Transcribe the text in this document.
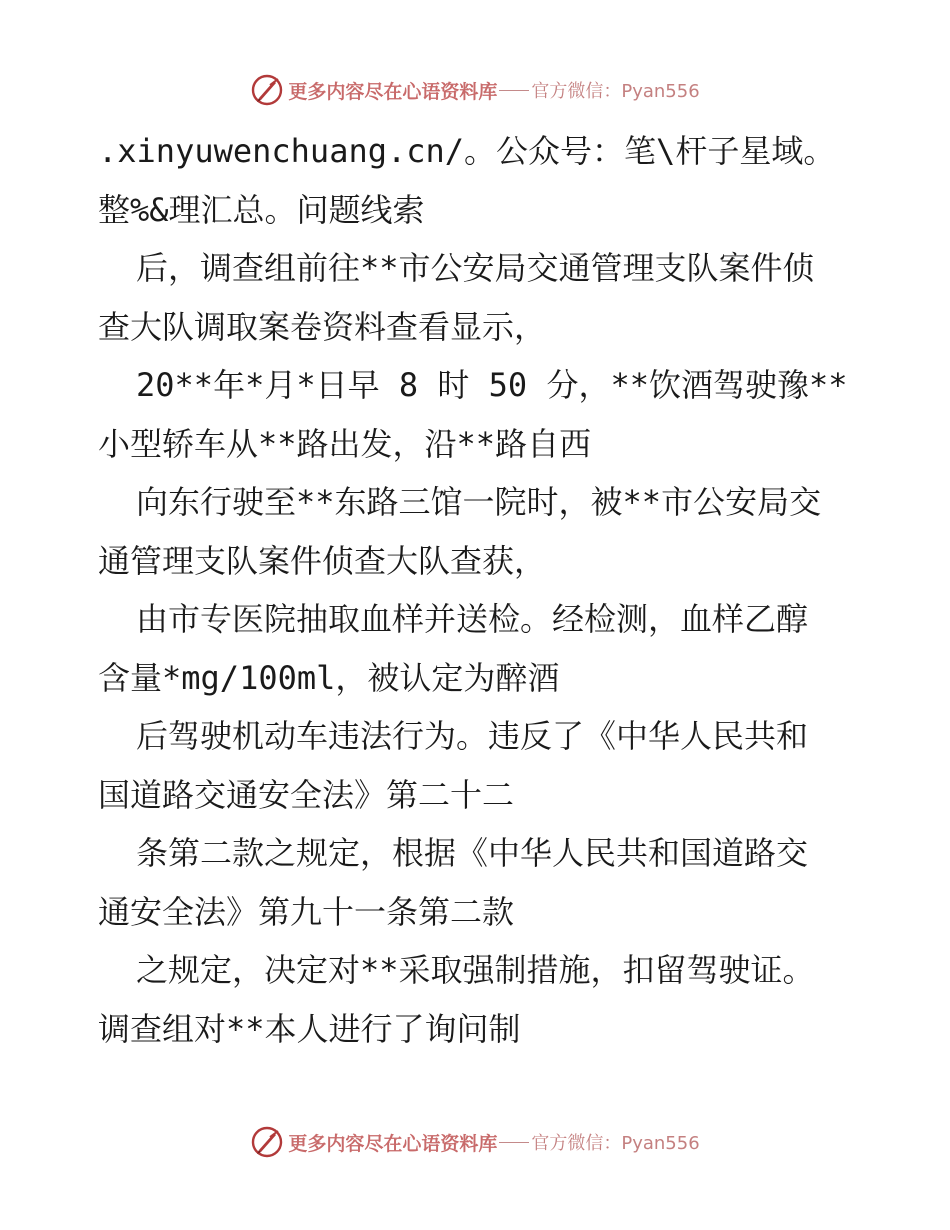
更多内容尽在心语资料库 官方微信：Pyan556
.xinyuwenchuang.cn/。公众号：笔\杆子星域。
整%&理汇总。问题线索
后，调查组前往**市公安局交通管理支队案件侦
查大队调取案卷资料查看显示，
20**年*月*日早 8 时 50 分，**饮酒驾驶豫**
小型轿车从**路出发，沿**路自西
向东行驶至**东路三馆一院时，被**市公安局交
通管理支队案件侦查大队查获，
由市专医院抽取血样并送检。经检测，血样乙醇
含量*mg/100ml，被认定为醉酒
后驾驶机动车违法行为。违反了《中华人民共和
国道路交通安全法》第二十二
条第二款之规定，根据《中华人民共和国道路交
通安全法》第九十一条第二款
之规定，决定对**采取强制措施，扣留驾驶证。
调查组对**本人进行了询问制
更多内容尽在心语资料库 官方微信：Pyan556
